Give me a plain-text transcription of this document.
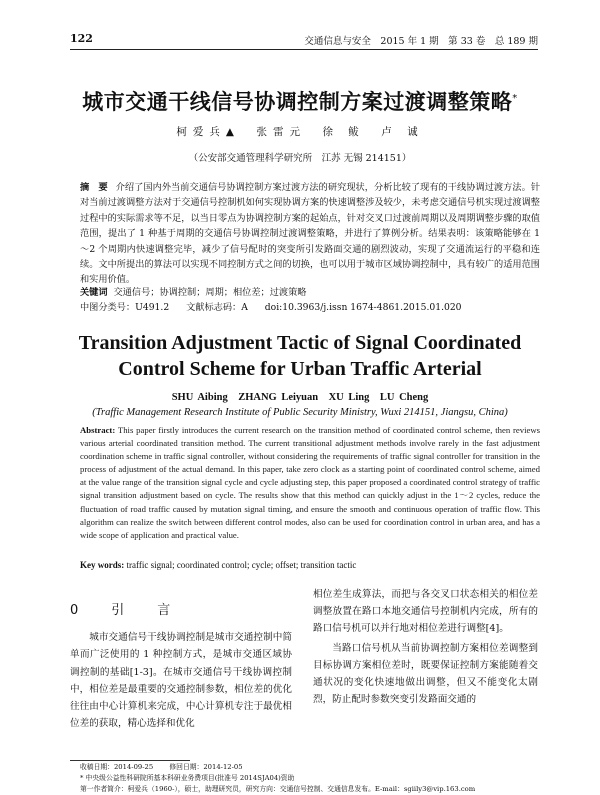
122	交通信息与安全　2015 年 1 期　第 33 卷　总 189 期
城市交通干线信号协调控制方案过渡调整策略*
柯爱兵▲　张雷元　徐 鲅　卢 诚
（公安部交通管理科学研究所　江苏 无锡 214151）
摘　要 介绍了国内外当前交通信号协调控制方案过渡方法的研究现状，分析比较了现有的干线协调过渡方法。针对当前过渡调整方法对于交通信号控制机如何实现协调方案的快速调整涉及较少，未考虑交通信号机实现过渡调整过程中的实际需求等不足，以当日零点为协调控制方案的起始点，针对交叉口过渡前周期以及周期调整步骤的取值范围，提出了 1 种基于周期的交通信号协调控制过渡调整策略，并进行了算例分析。结果表明：该策略能够在 1～2 个周期内快速调整完毕，减少了信号配时的突变所引发路面交通的剧烈波动，实现了交通流运行的平稳和连续。文中所提出的算法可以实现不同控制方式之间的切换，也可以用于城市区域协调控制中，具有较广的适用范围和实用价值。
关键词 交通信号；协调控制；周期；相位差；过渡策略
中图分类号：U491.2 文献标志码：A doi:10.3963/j.issn 1674-4861.2015.01.020
Transition Adjustment Tactic of Signal Coordinated Control Scheme for Urban Traffic Arterial
SHU Aibing　ZHANG Leiyuan　XU Ling　LU Cheng
(Traffic Management Research Institute of Public Security Ministry, Wuxi 214151, Jiangsu, China)
Abstract: This paper firstly introduces the current research on the transition method of coordinated control scheme, then reviews various arterial coordinated transition method. The current transitional adjustment methods involve rarely in the fast adjustment coordination scheme in traffic signal controller, without considering the requirements of traffic signal controller for transition in the process of adjustment of the actual demand. In this paper, take zero clock as a starting point of coordinated control scheme, aimed at the value range of the transition signal cycle and cycle adjusting step, this paper proposed a coordinated control strategy of traffic signal transition adjustment based on cycle. The results show that this method can quickly adjust in the 1～2 cycles, reduce the fluctuation of road traffic caused by mutation signal timing, and ensure the smooth and continuous operation of traffic flow. This algorithm can realize the switch between different control modes, also can be used for coordination control in urban area, and has a wide scope of application and practical value.
Key words: traffic signal; coordinated control; cycle; offset; transition tactic
0　引　言

城市交通信号干线协调控制是城市交通控制中简单而广泛使用的 1 种控制方式，是城市交通区域协调控制的基础[1-3]。在城市交通信号干线协调控制中，相位差是最重要的交通控制参数，相位差的优化往往由中心计算机来完成，中心计算机专注于最优相位差的获取，精心选择和优化

相位差生成算法，而把与各交叉口状态相关的相位差调整放置在路口本地交通信号控制机内完成，所有的路口信号机可以并行地对相位差进行调整[4]。

当路口信号机从当前协调控制方案相位差调整到目标协调方案相位差时，既要保证控制方案能随着交通状况的变化快速地做出调整，但又不能变化太剧烈，防止配时参数突变引发路面交通的

收稿日期：2014-09-25 修回日期：2014-12-05
* 中央级公益性科研院所基本科研业务费项目(批准号 2014SJA04)资助
第一作者简介：柯爱兵（1960-），硕士，助理研究员，研究方向：交通信号控制、交通信息发布。E-mail：sgiily3@vip.163.com
